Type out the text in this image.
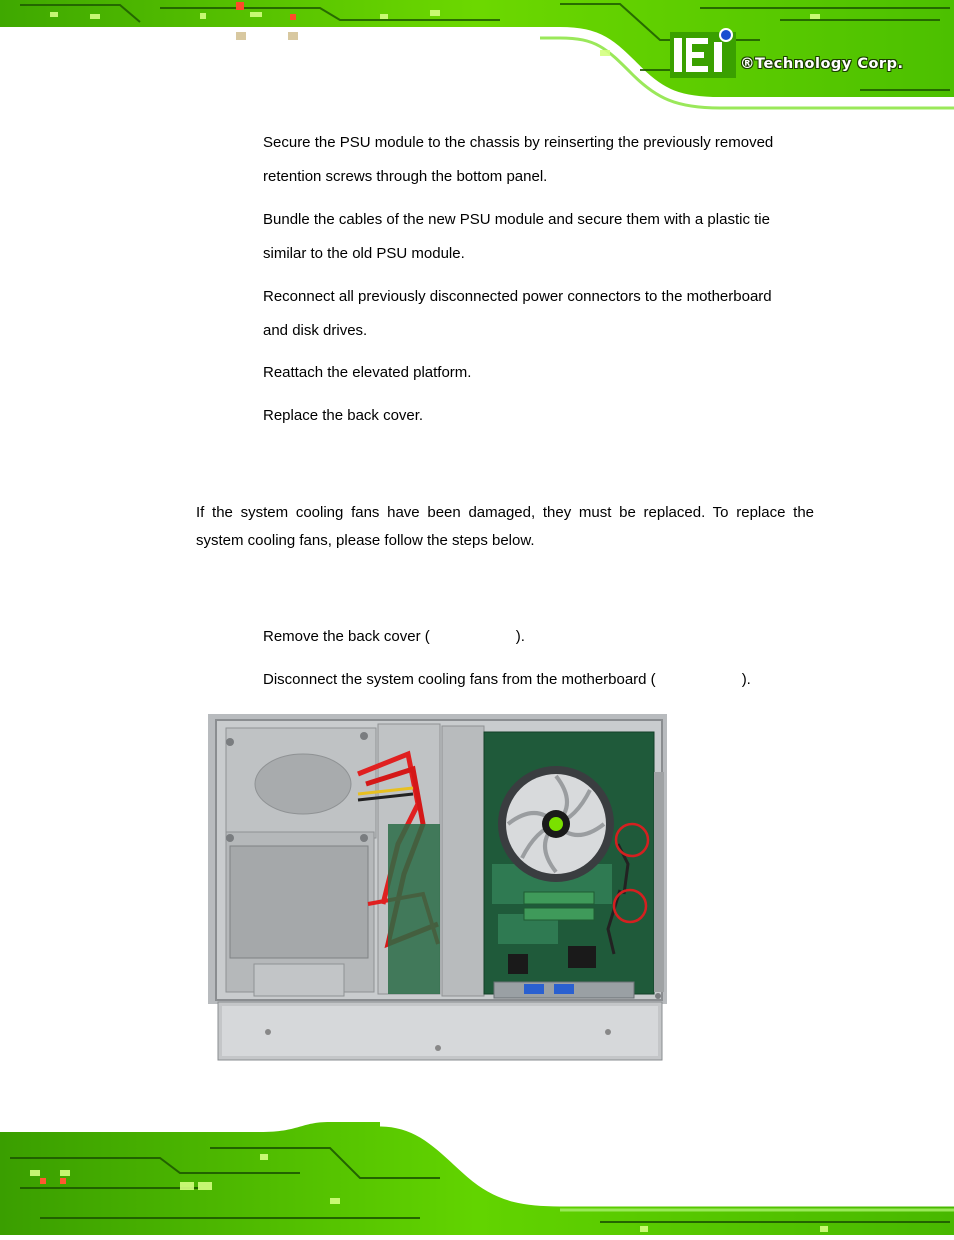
®Technology Corp.
Secure the PSU module to the chassis by reinserting the previously removed
retention screws through the bottom panel.
Bundle the cables of the new PSU module and secure them with a plastic tie
similar to the old PSU module.
Reconnect all previously disconnected power connectors to the motherboard
and disk drives.
Reattach the elevated platform.
Replace the back cover.
If the system cooling fans have been damaged, they must be replaced. To replace the
system cooling fans, please follow the steps below.
Remove the back cover (	).
Disconnect the system cooling fans from the motherboard (	).
